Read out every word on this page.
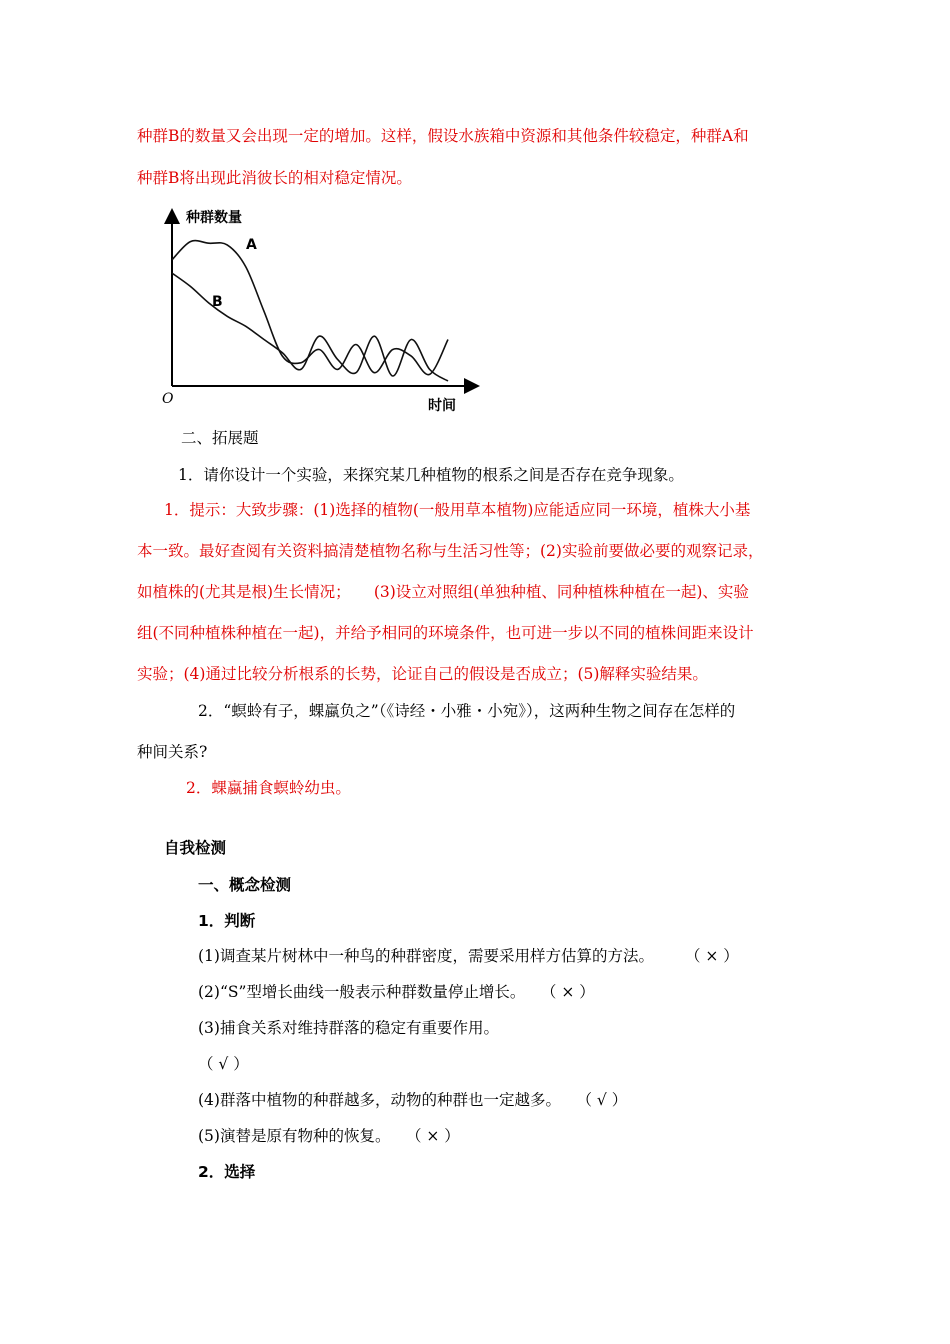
种群B的数量又会出现一定的增加。这样，假设水族箱中资源和其他条件较稳定，种群A和
种群B将出现此消彼长的相对稳定情况。
种群数量
时间
O
A
B
二、拓展题
1．请你设计一个实验，来探究某几种植物的根系之间是否存在竞争现象。
1．提示：大致步骤：(1)选择的植物(一般用草本植物)应能适应同一环境，植株大小基
本一致。最好查阅有关资料搞清楚植物名称与生活习性等；(2)实验前要做必要的观察记录，
如植株的(尤其是根)生长情况；　　(3)设立对照组(单独种植、同种植株种植在一起)、实验
组(不同种植株种植在一起)，并给予相同的环境条件，也可进一步以不同的植株间距来设计
实验；(4)通过比较分析根系的长势，论证自己的假设是否成立；(5)解释实验结果。
2．“螟蛉有子，蜾蠃负之”（《诗经・小雅・小宛》），这两种生物之间存在怎样的
种间关系?
2．蜾蠃捕食螟蛉幼虫。
自我检测
一、概念检测
1．判断
(1)调查某片树林中一种鸟的种群密度，需要采用样方估算的方法。　　　（ × ）
(2)“S”型增长曲线一般表示种群数量停止增长。　　（ × ）
(3)捕食关系对维持群落的稳定有重要作用。
（ √ ）
(4)群落中植物的种群越多，动物的种群也一定越多。　　（ √ ）
(5)演替是原有物种的恢复。　　（ × ）
2．选择
